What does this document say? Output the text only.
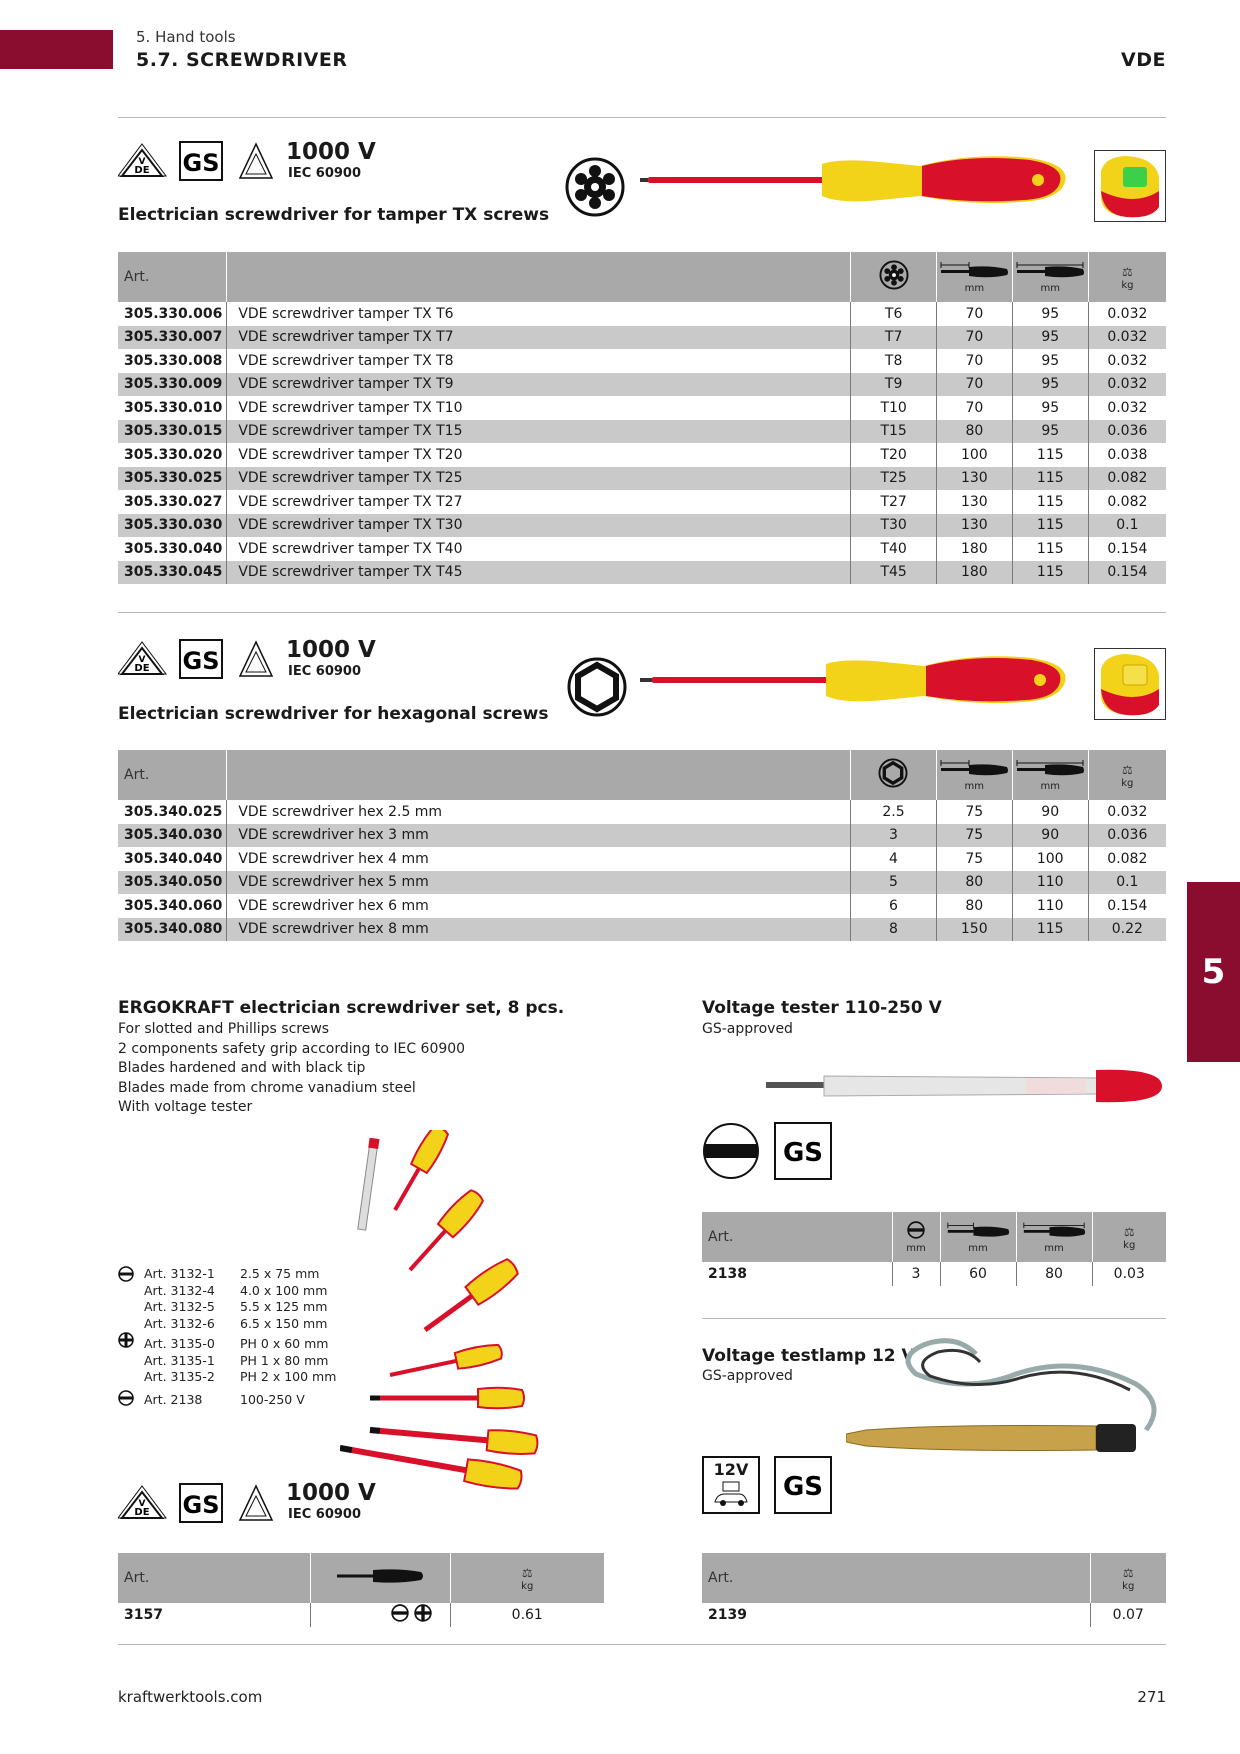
5. Hand tools
5.7. SCREWDRIVER	VDE
V
DE GS	1000 V
IEC 60900
Electrician screwdriver for tamper TX screws
Art.			mm	mm	⚖
kg

305.330.006	VDE screwdriver tamper TX T6	T6	70	95	0.032
305.330.007	VDE screwdriver tamper TX T7	T7	70	95	0.032
305.330.008	VDE screwdriver tamper TX T8	T8	70	95	0.032
305.330.009	VDE screwdriver tamper TX T9	T9	70	95	0.032
305.330.010	VDE screwdriver tamper TX T10	T10	70	95	0.032
305.330.015	VDE screwdriver tamper TX T15	T15	80	95	0.036
305.330.020	VDE screwdriver tamper TX T20	T20	100	115	0.038
305.330.025	VDE screwdriver tamper TX T25	T25	130	115	0.082
305.330.027	VDE screwdriver tamper TX T27	T27	130	115	0.082
305.330.030	VDE screwdriver tamper TX T30	T30	130	115	0.1
305.330.040	VDE screwdriver tamper TX T40	T40	180	115	0.154
305.330.045	VDE screwdriver tamper TX T45	T45	180	115	0.154
V
DE GS	1000 V
IEC 60900
Electrician screwdriver for hexagonal screws
Art.			mm	mm	⚖
kg

305.340.025	VDE screwdriver hex 2.5 mm	2.5	75	90	0.032
305.340.030	VDE screwdriver hex 3 mm	3	75	90	0.036
305.340.040	VDE screwdriver hex 4 mm	4	75	100	0.082
305.340.050	VDE screwdriver hex 5 mm	5	80	110	0.1
305.340.060	VDE screwdriver hex 6 mm	6	80	110	0.154
305.340.080	VDE screwdriver hex 8 mm	8	150	115	0.22
ERGOKRAFT electrician screwdriver set, 8 pcs.
For slotted and Phillips screws
2 components safety grip according to IEC 60900
Blades hardened and with black tip
Blades made from chrome vanadium steel
With voltage tester
Art. 3132-1 2.5 x 75 mm
Art. 3132-4 4.0 x 100 mm
Art. 3132-5 5.5 x 125 mm
Art. 3132-6 6.5 x 150 mm
Art. 3135-0 PH 0 x 60 mm
Art. 3135-1 PH 1 x 80 mm
Art. 3135-2 PH 2 x 100 mm
Art. 2138	100-250 V
V
DE GS	1000 V
IEC 60900
Art.		⚖
kg

3157		0.61
Voltage tester 110-250 V
GS-approved
GS
Art.	mm	mm	mm	⚖
kg

2138	3	60	80	0.03
Voltage testlamp 12 V
GS-approved
12V
GS
Art.	⚖
kg

2139	0.07
5
kraftwerktools.com	271
